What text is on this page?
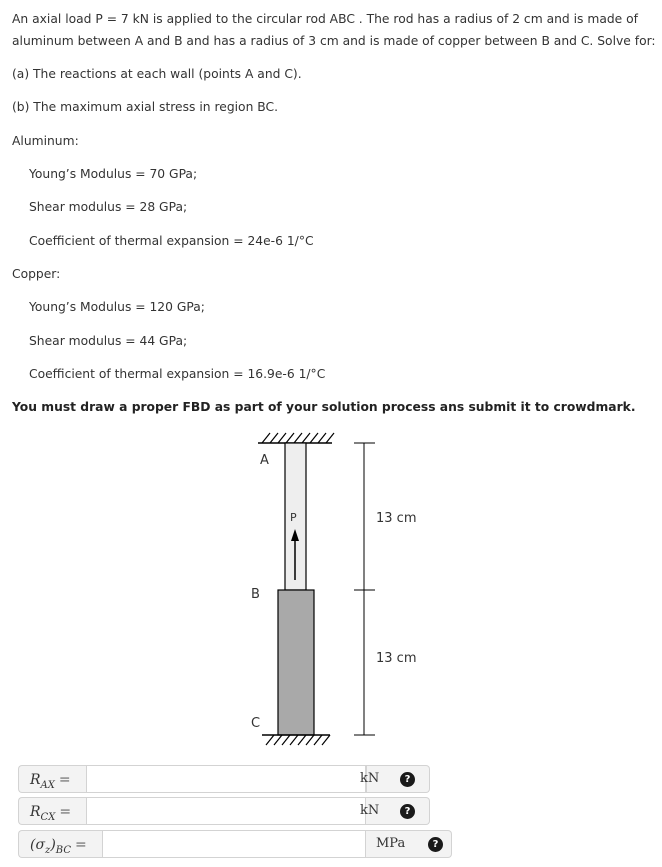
An axial load P = 7 kN is applied to the circular rod ABC . The rod has a radius of 2 cm and is made of
aluminum between A and B and has a radius of 3 cm and is made of copper between B and C. Solve for:
(a) The reactions at each wall (points A and C).
(b) The maximum axial stress in region BC.
Aluminum:
Young’s Modulus = 70 GPa;
Shear modulus = 28 GPa;
Coefficient of thermal expansion = 24e-6 1/°C
Copper:
Young’s Modulus = 120 GPa;
Shear modulus = 44 GPa;
Coefficient of thermal expansion = 16.9e-6 1/°C
You must draw a proper FBD as part of your solution process ans submit it to crowdmark.
A
P
B
C
13 cm
13 cm
$R_{AX}$ =	kN	?
$R_{CX}$ =	kN	?
$(\sigma_z)_{BC}$ =	MPa	?
